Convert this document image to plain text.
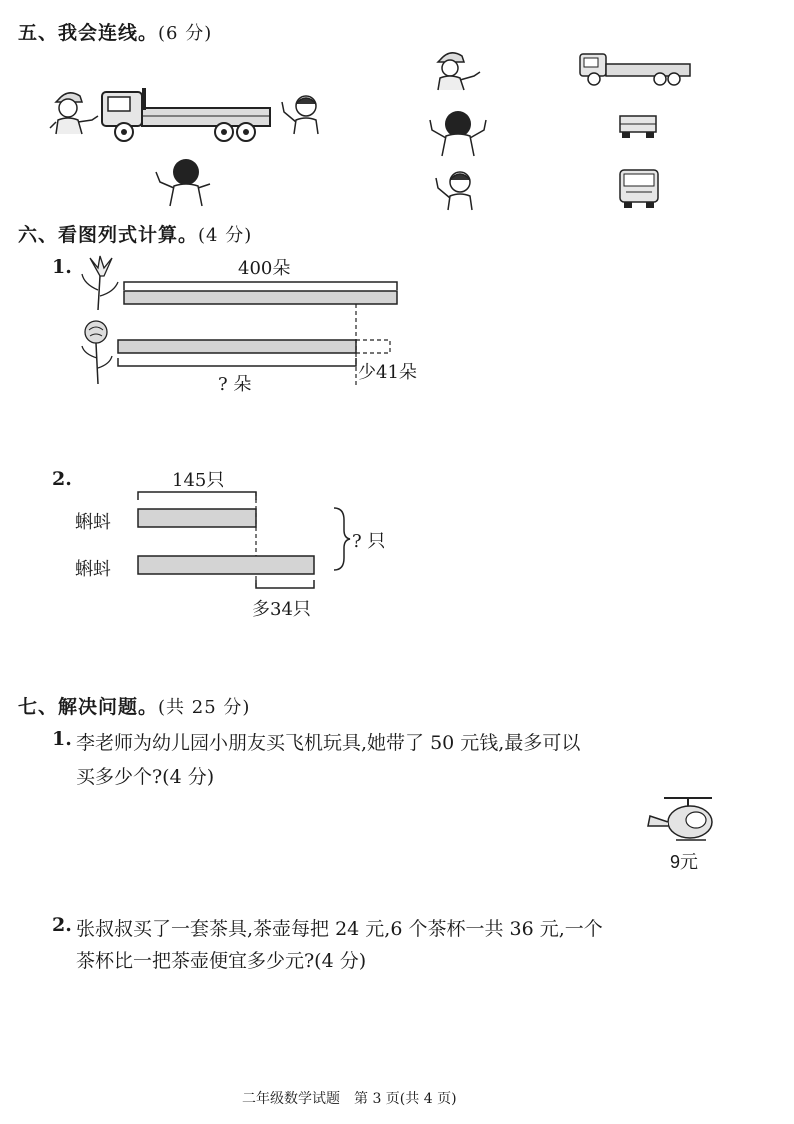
五、我会连线。(6 分)
六、看图列式计算。(4 分)
1.	400朵
? 朵
少41朵
2.	145只
蝌蚪
蝌蚪
? 只
多34只
七、解决问题。(共 25 分)
1. 李老师为幼儿园小朋友买飞机玩具,她带了 50 元钱,最多可以
买多少个?(4 分)
9元
2. 张叔叔买了一套茶具,茶壶每把 24 元,6 个茶杯一共 36 元,一个
茶杯比一把茶壶便宜多少元?(4 分)
二年级数学试题　第 3 页(共 4 页)
